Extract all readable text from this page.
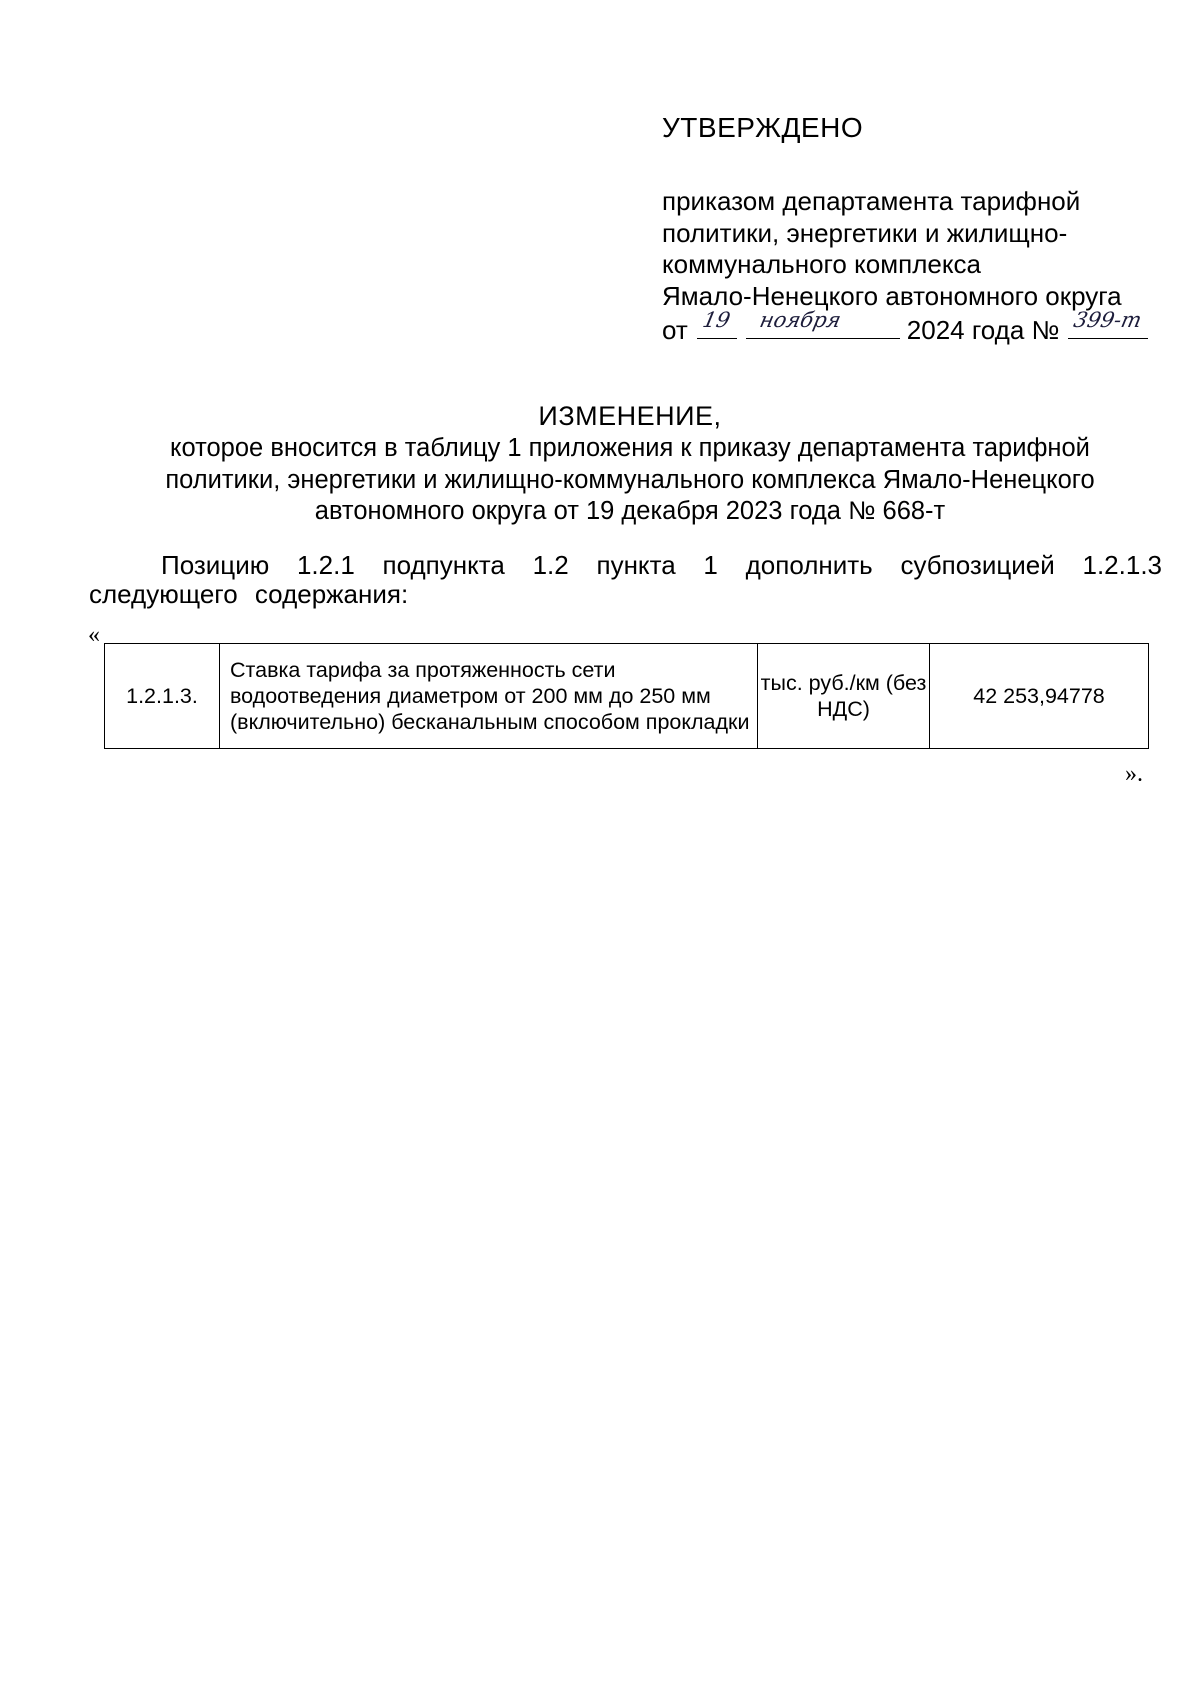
УТВЕРЖДЕНО
приказом департамента тарифной
политики, энергетики и жилищно-
коммунального комплекса
Ямало-Ненецкого автономного округа
от 19 ноября 2024 года № 399-т
ИЗМЕНЕНИЕ,
которое вносится в таблицу 1 приложения к приказу департамента тарифной
политики, энергетики и жилищно-коммунального комплекса Ямало-Ненецкого
автономного округа от 19 декабря 2023 года № 668-т
Позицию 1.2.1 подпункта 1.2 пункта 1 дополнить субпозицией 1.2.1.3 следующего содержания:
«
1.2.1.3.	Ставка тарифа за протяженность сети водоотведения диаметром от 200 мм до 250 мм (включительно) бесканальным способом прокладки	тыс. руб./км (без НДС)	42 253,94778
».
